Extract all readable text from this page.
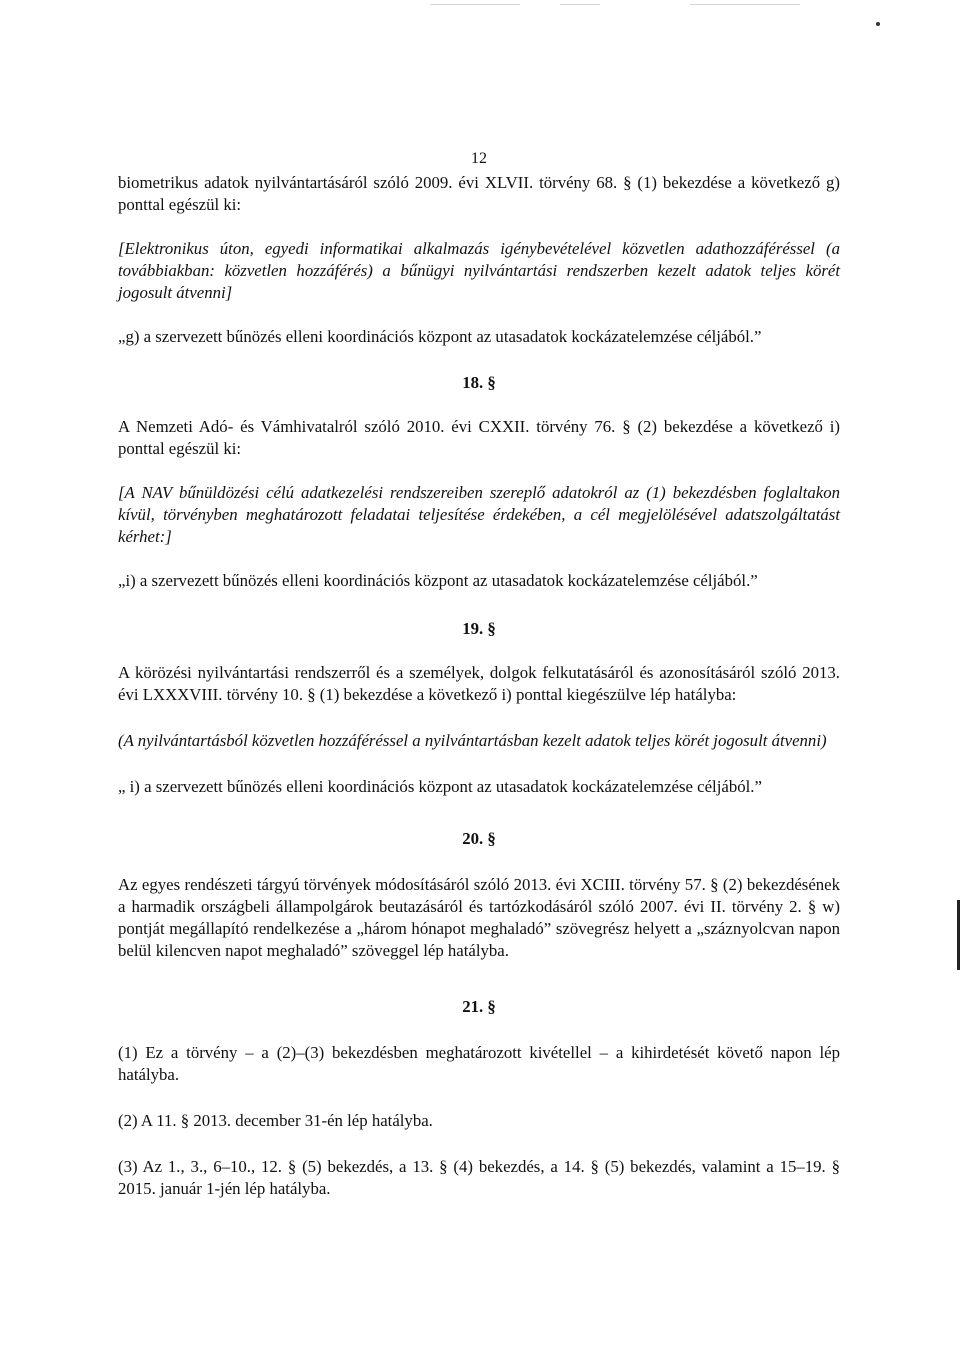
12

biometrikus adatok nyilvántartásáról szóló 2009. évi XLVII. törvény 68. § (1) bekezdése a következő g) ponttal egészül ki:

[Elektronikus úton, egyedi informatikai alkalmazás igénybevételével közvetlen adathozzáféréssel (a továbbiakban: közvetlen hozzáférés) a bűnügyi nyilvántartási rendszerben kezelt adatok teljes körét jogosult átvenni]

„g) a szervezett bűnözés elleni koordinációs központ az utasadatok kockázatelemzése céljából.”

18. §

A Nemzeti Adó- és Vámhivatalról szóló 2010. évi CXXII. törvény 76. § (2) bekezdése a következő i) ponttal egészül ki:

[A NAV bűnüldözési célú adatkezelési rendszereiben szereplő adatokról az (1) bekezdésben foglaltakon kívül, törvényben meghatározott feladatai teljesítése érdekében, a cél megjelölésével adatszolgáltatást kérhet:]

„i) a szervezett bűnözés elleni koordinációs központ az utasadatok kockázatelemzése céljából.”

19. §

A körözési nyilvántartási rendszerről és a személyek, dolgok felkutatásáról és azonosításáról szóló 2013. évi LXXXVIII. törvény 10. § (1) bekezdése a következő i) ponttal kiegészülve lép hatályba:

(A nyilvántartásból közvetlen hozzáféréssel a nyilvántartásban kezelt adatok teljes körét jogosult átvenni)

„ i) a szervezett bűnözés elleni koordinációs központ az utasadatok kockázatelemzése céljából.”

20. §

Az egyes rendészeti tárgyú törvények módosításáról szóló 2013. évi XCIII. törvény 57. § (2) bekezdésének a harmadik országbeli állampolgárok beutazásáról és tartózkodásáról szóló 2007. évi II. törvény 2. § w) pontját megállapító rendelkezése a „három hónapot meghaladó” szövegrész helyett a „száznyolcvan napon belül kilencven napot meghaladó” szöveggel lép hatályba.

21. §

(1) Ez a törvény – a (2)–(3) bekezdésben meghatározott kivétellel – a kihirdetését követő napon lép hatályba.

(2) A 11. § 2013. december 31-én lép hatályba.

(3) Az 1., 3., 6–10., 12. § (5) bekezdés, a 13. § (4) bekezdés, a 14. § (5) bekezdés, valamint a 15–19. § 2015. január 1-jén lép hatályba.
